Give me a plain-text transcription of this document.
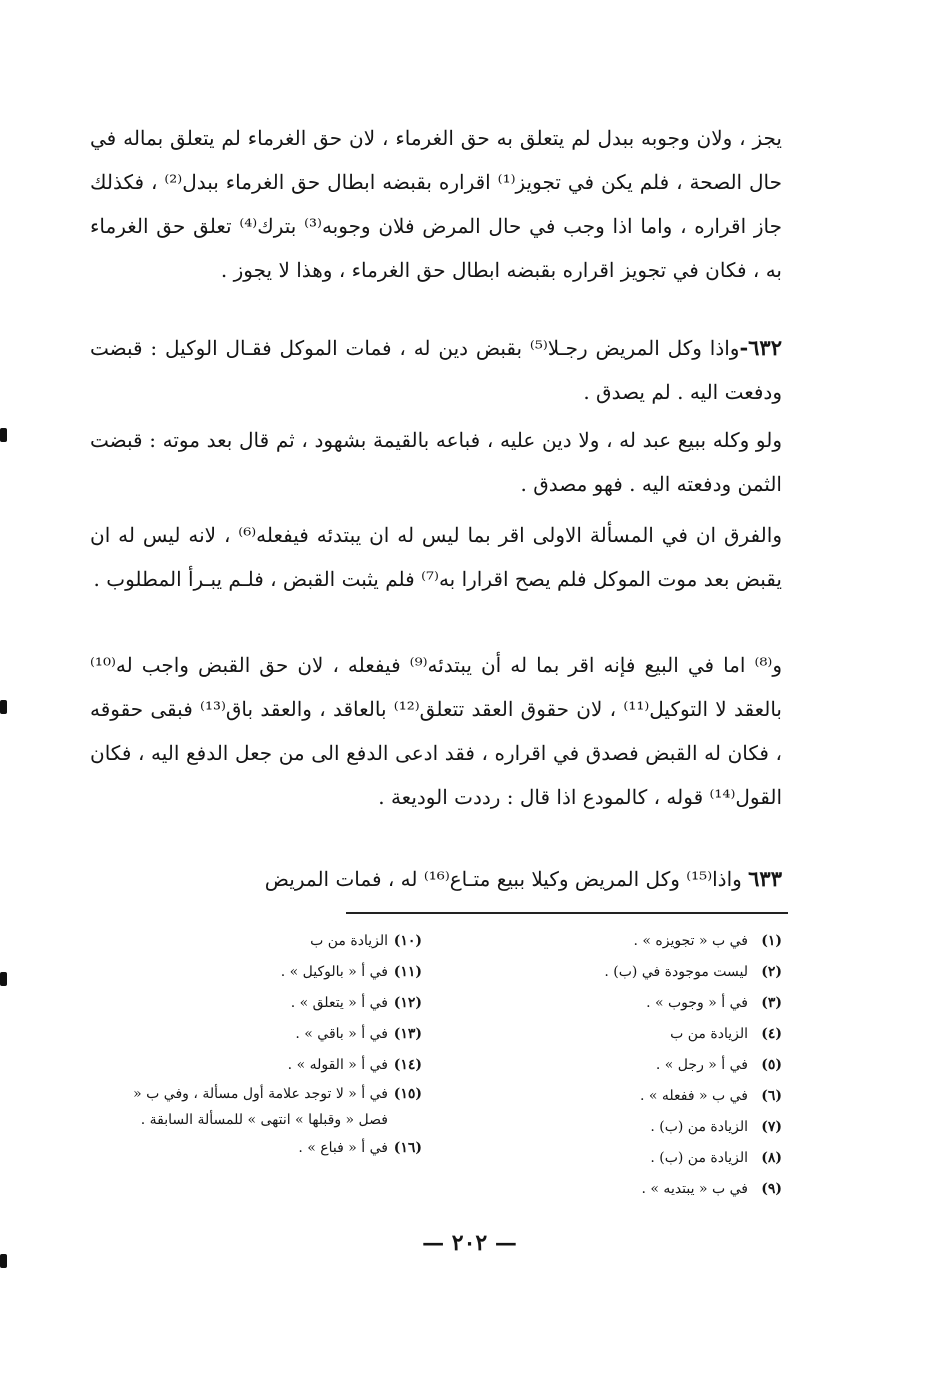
يجز ، ولان وجوبه ببدل لم يتعلق به حق الغرماء ، لان حق الغرماء لم يتعلق بماله في حال الصحة ، فلم يكن في تجويز⁽¹⁾ اقراره بقبضه ابطال حق الغرماء ببدل⁽²⁾ ، فكذلك جاز اقراره ، واما اذا وجب في حال المرض فلان وجوبه⁽³⁾ بترك⁽⁴⁾ تعلق حق الغرماء به ، فكان في تجويز اقراره بقبضه ابطال حق الغرماء ، وهذا لا يجوز .

٦٣٢-واذا وكل المريض رجـلا⁽⁵⁾ بقبض دين له ، فمات الموكل فقـال الوكيل : قبضت ودفعت اليه . لم يصدق .

ولو وكله ببيع عبد له ، ولا دين عليه ، فباعه بالقيمة بشهود ، ثم قال بعد موته : قبضت الثمن ودفعته اليه . فهو مصدق .

والفرق ان في المسألة الاولى اقر بما ليس له ان يبتدئه فيفعله⁽⁶⁾ ، لانه ليس له ان يقبض بعد موت الموكل فلم يصح اقرارا به⁽⁷⁾ فلم يثبت القبض ، فلـم يبـرأ المطلوب .

و⁽⁸⁾ اما في البيع فإنه اقر بما له أن يبتدئه⁽⁹⁾ فيفعله ، لان حق القبض واجب له⁽¹⁰⁾ بالعقد لا التوكيل⁽¹¹⁾ ، لان حقوق العقد تتعلق⁽¹²⁾ بالعاقد ، والعقد باق⁽¹³⁾ فبقى حقوقه ، فكان له القبض فصدق في اقراره ، فقد ادعى الدفع الى من جعل الدفع اليه ، فكان القول⁽¹⁴⁾ قوله ، كالمودع اذا قال : رددت الوديعة .

٦٣٣ واذا⁽¹⁵⁾ وكل المريض وكيلا ببيع متـاع⁽¹⁶⁾ له ، فمات المريض

(١)
في ب « تجويزه » .
(٢)
ليست موجودة في (ب) .
(٣)
في أ « وجوب » .
(٤)
الزيادة من ب
(٥)
في أ « رجل » .
(٦)
في ب « ففعله » .
(٧)
الزيادة من (ب) .
(٨)
الزيادة من (ب) .
(٩)
في ب « يبتديه » .
(١٠)
الزيادة من ب
(١١)
في أ « بالوكيل » .
(١٢)
في أ « يتعلق » .
(١٣)
في أ « باقي » .
(١٤)
في أ « القوله » .
(١٥)
في أ « لا توجد علامة أول مسألة ، وفي ب « فصل « وقبلها » انتهى » للمسألة السابقة .
(١٦)
في أ « فباع » .
— ٢٠٢ —
